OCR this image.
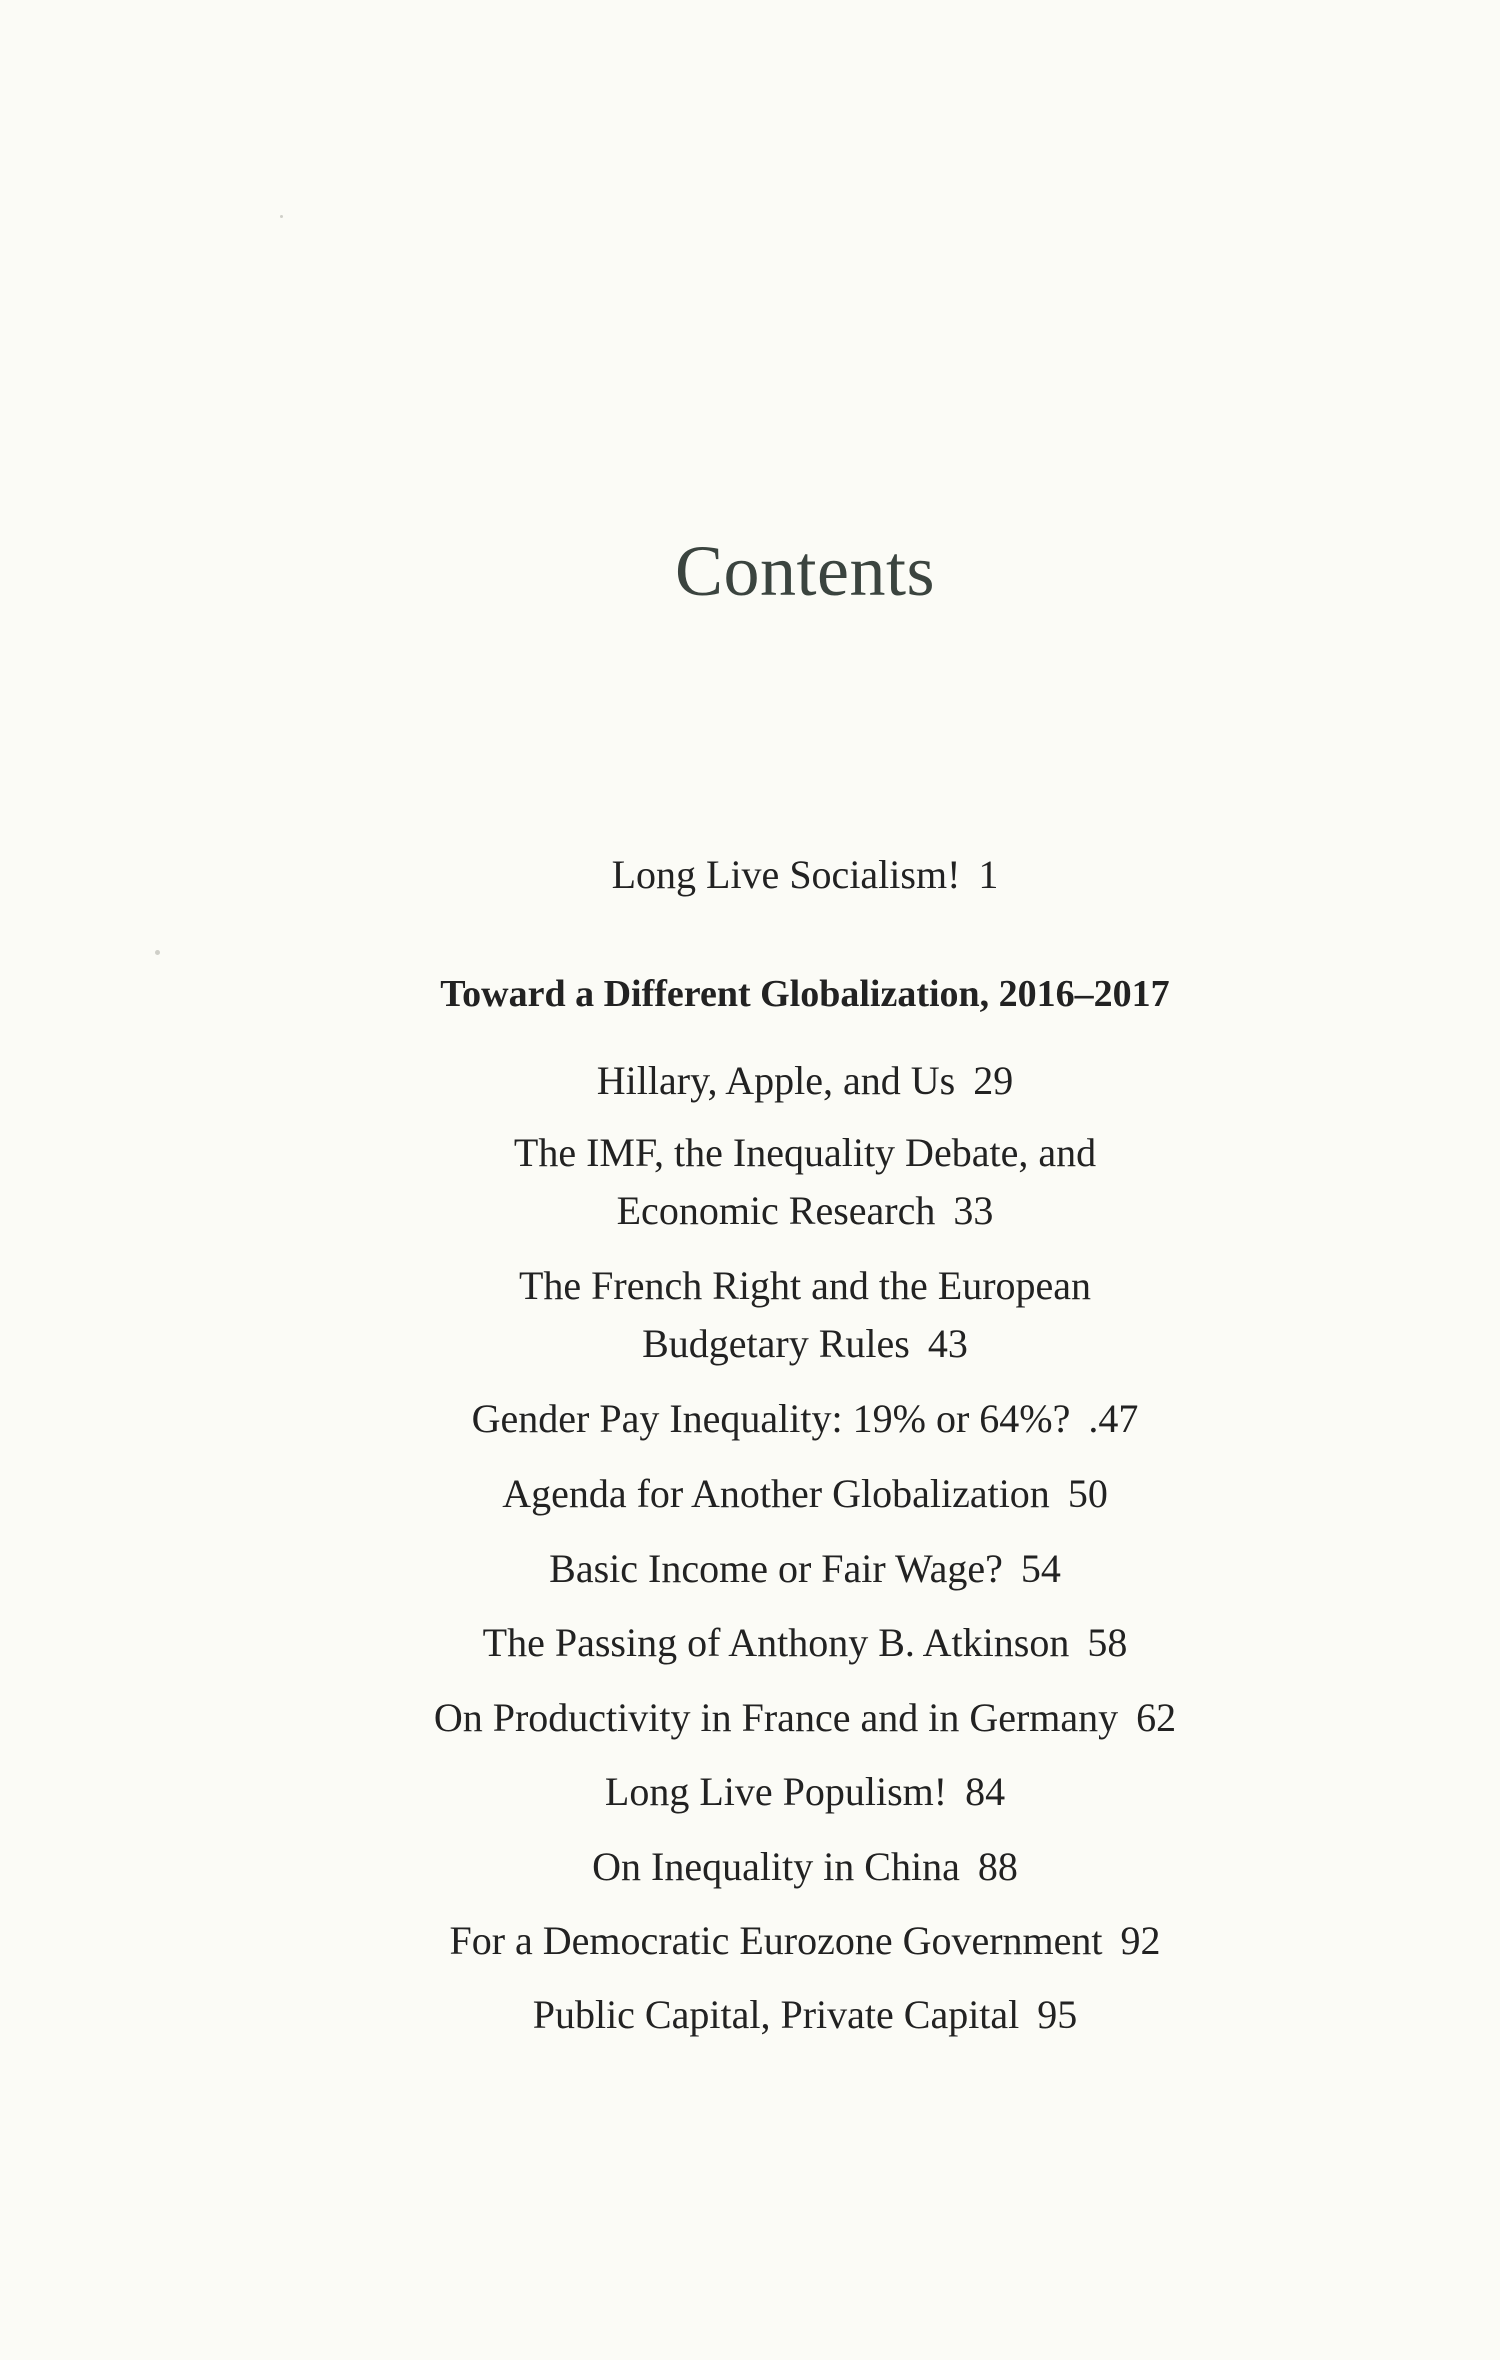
Contents
Long Live Socialism! 1
Toward a Different Globalization, 2016–2017
Hillary, Apple, and Us 29
The IMF, the Inequality Debate, and
Economic Research 33
The French Right and the European
Budgetary Rules 43
Gender Pay Inequality: 19% or 64%? .47
Agenda for Another Globalization 50
Basic Income or Fair Wage? 54
The Passing of Anthony B. Atkinson 58
On Productivity in France and in Germany 62
Long Live Populism! 84
On Inequality in China 88
For a Democratic Eurozone Government 92
Public Capital, Private Capital 95
